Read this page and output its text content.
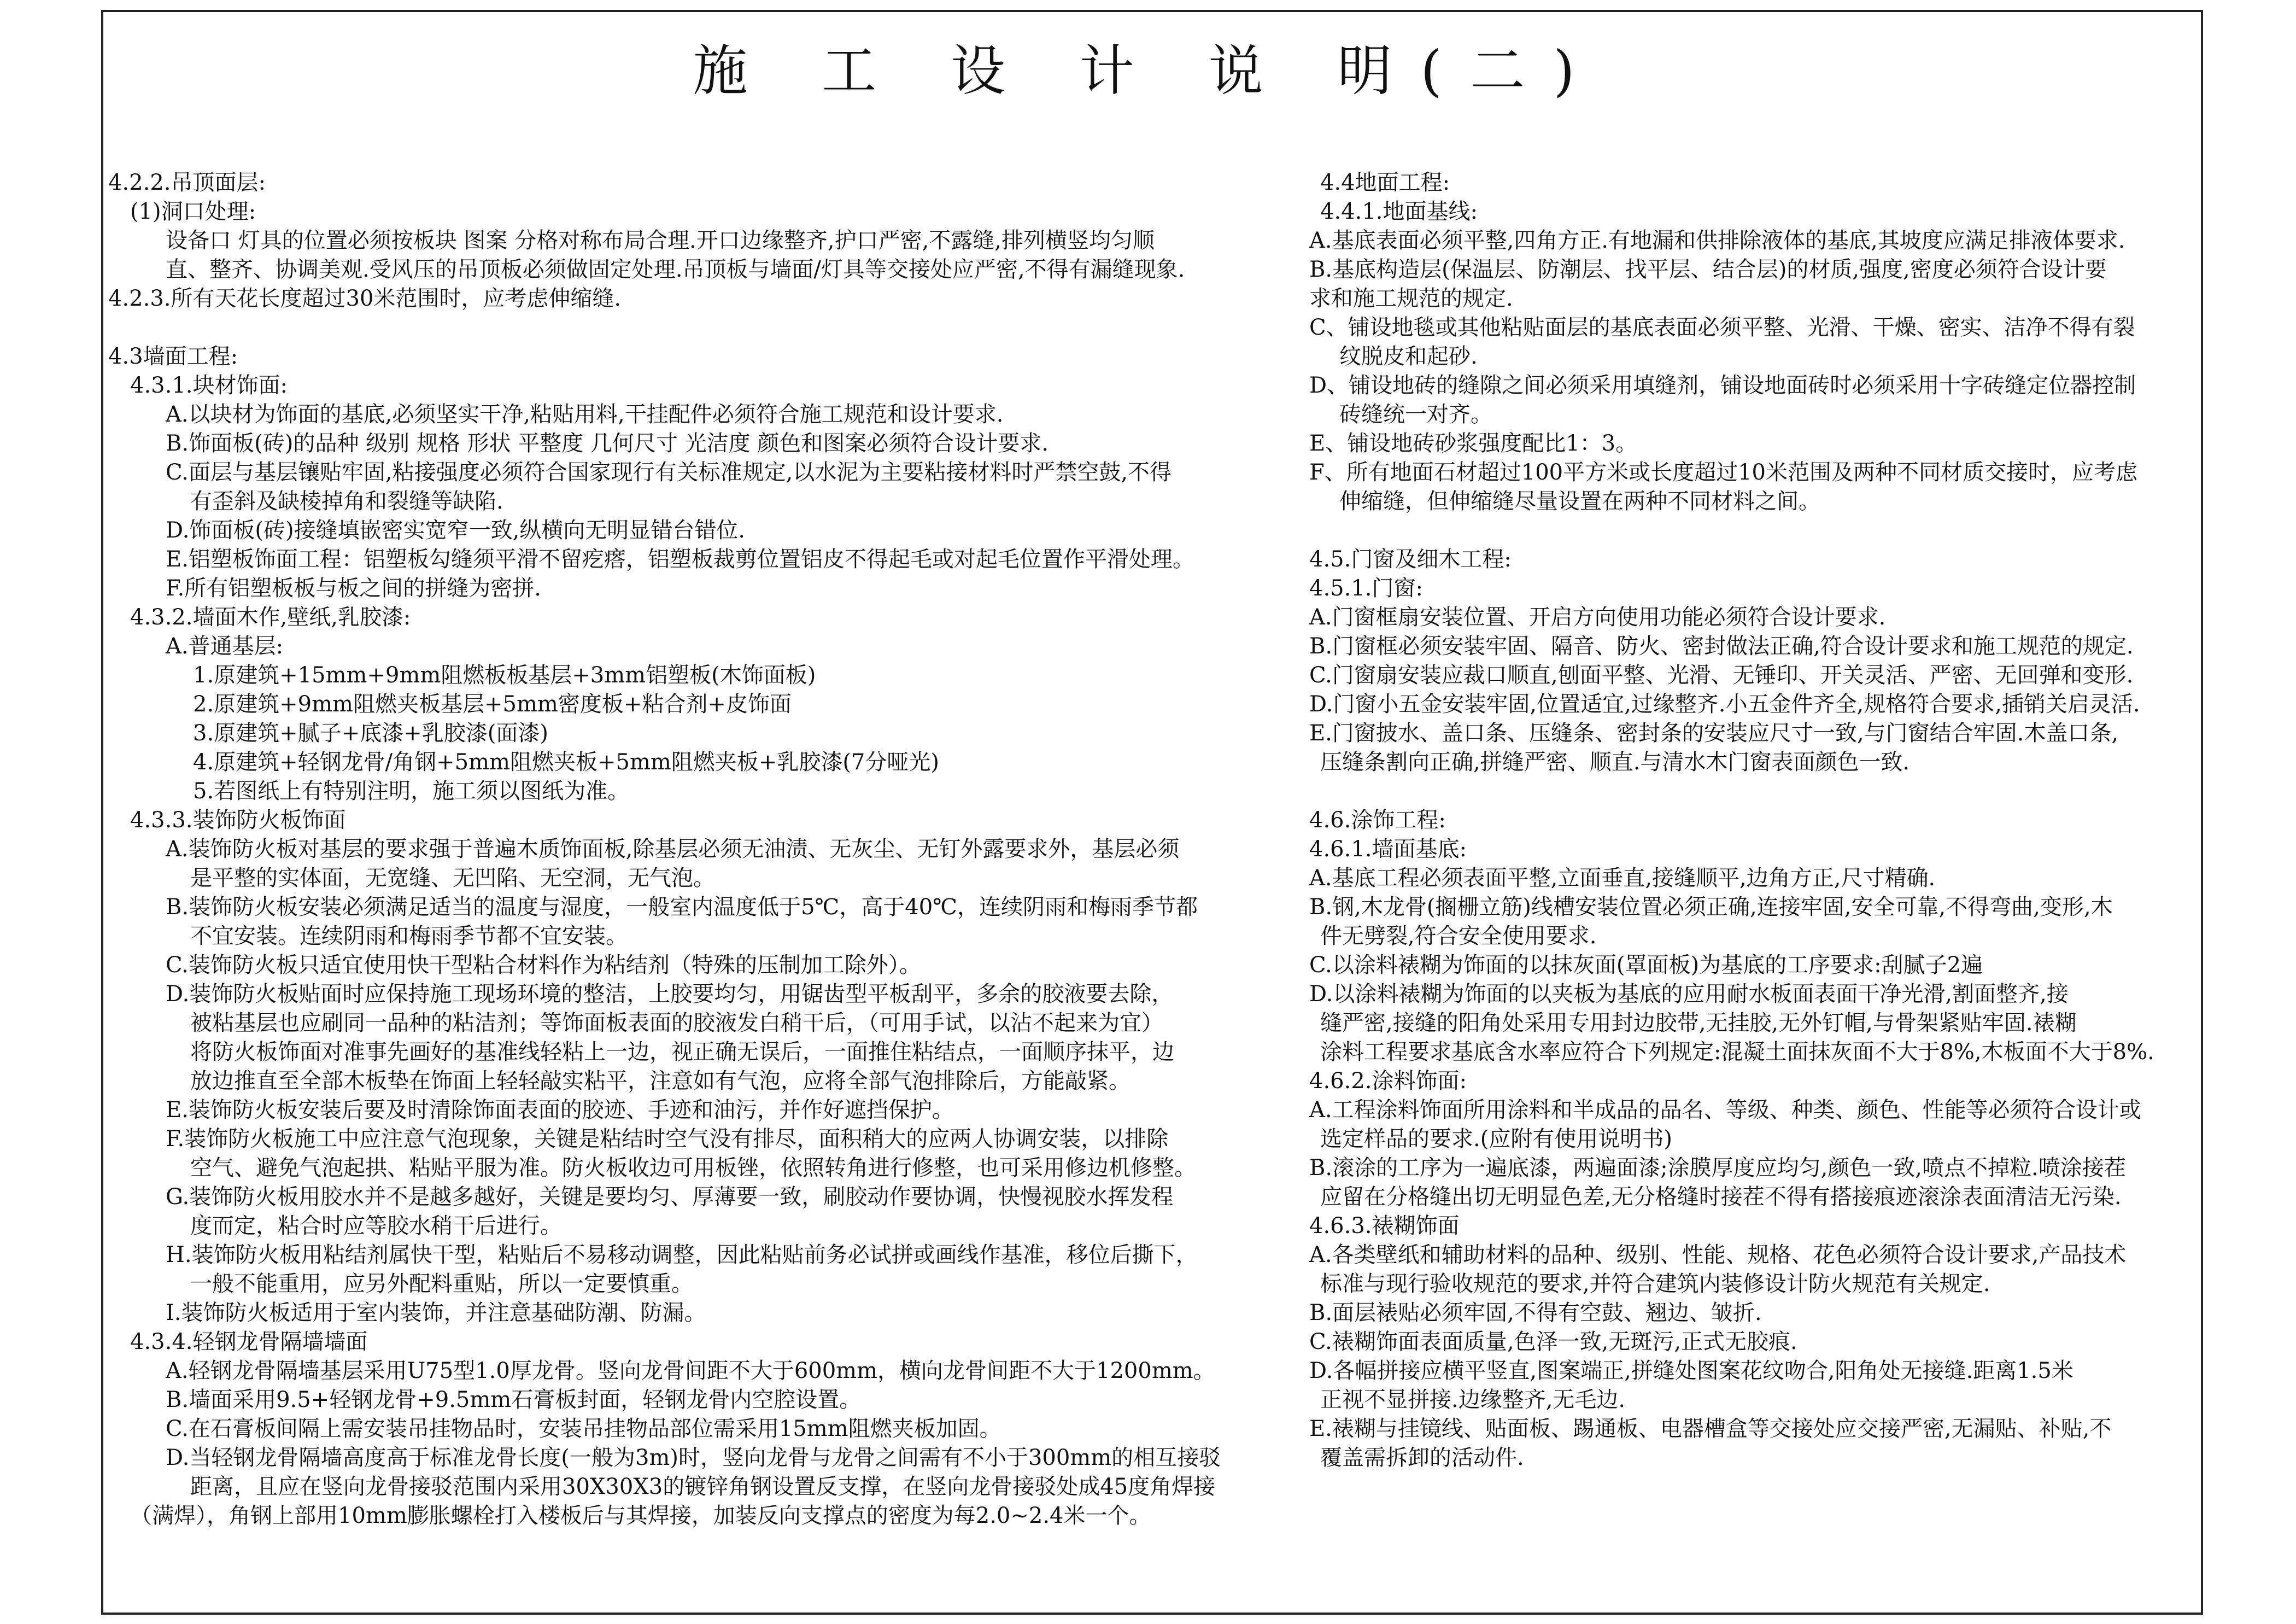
施 工 设 计 说 明(二)
4.2.2.吊顶面层:
(1)洞口处理:
设备口 灯具的位置必须按板块 图案 分格对称布局合理.开口边缘整齐,护口严密,不露缝,排列横竖均匀顺
直、整齐、协调美观.受风压的吊顶板必须做固定处理.吊顶板与墙面/灯具等交接处应严密,不得有漏缝现象.
4.2.3.所有天花长度超过30米范围时，应考虑伸缩缝.
4.3墙面工程:
4.3.1.块材饰面:
A.以块材为饰面的基底,必须坚实干净,粘贴用料,干挂配件必须符合施工规范和设计要求.
B.饰面板(砖)的品种 级别 规格 形状 平整度 几何尺寸 光洁度 颜色和图案必须符合设计要求.
C.面层与基层镶贴牢固,粘接强度必须符合国家现行有关标准规定,以水泥为主要粘接材料时严禁空鼓,不得
有歪斜及缺棱掉角和裂缝等缺陷.
D.饰面板(砖)接缝填嵌密实宽窄一致,纵横向无明显错台错位.
E.铝塑板饰面工程：铝塑板勾缝须平滑不留疙瘩，铝塑板裁剪位置铝皮不得起毛或对起毛位置作平滑处理。
F.所有铝塑板板与板之间的拼缝为密拼.
4.3.2.墙面木作,壁纸,乳胶漆:
A.普通基层:
1.原建筑+15mm+9mm阻燃板板基层+3mm铝塑板(木饰面板)
2.原建筑+9mm阻燃夹板基层+5mm密度板+粘合剂+皮饰面
3.原建筑+腻子+底漆+乳胶漆(面漆)
4.原建筑+轻钢龙骨/角钢+5mm阻燃夹板+5mm阻燃夹板+乳胶漆(7分哑光)
5.若图纸上有特别注明，施工须以图纸为准。
4.3.3.装饰防火板饰面
A.装饰防火板对基层的要求强于普遍木质饰面板,除基层必须无油渍、无灰尘、无钉外露要求外，基层必须
是平整的实体面，无宽缝、无凹陷、无空洞，无气泡。
B.装饰防火板安装必须满足适当的温度与湿度，一般室内温度低于5℃，高于40℃，连续阴雨和梅雨季节都
不宜安装。连续阴雨和梅雨季节都不宜安装。
C.装饰防火板只适宜使用快干型粘合材料作为粘结剂（特殊的压制加工除外）。
D.装饰防火板贴面时应保持施工现场环境的整洁，上胶要均匀，用锯齿型平板刮平，多余的胶液要去除，
被粘基层也应刷同一品种的粘洁剂；等饰面板表面的胶液发白稍干后，（可用手试，以沾不起来为宜）
将防火板饰面对准事先画好的基准线轻粘上一边，视正确无误后，一面推住粘结点，一面顺序抹平，边
放边推直至全部木板垫在饰面上轻轻敲实粘平，注意如有气泡，应将全部气泡排除后，方能敲紧。
E.装饰防火板安装后要及时清除饰面表面的胶迹、手迹和油污，并作好遮挡保护。
F.装饰防火板施工中应注意气泡现象，关键是粘结时空气没有排尽，面积稍大的应两人协调安装，以排除
空气、避免气泡起拱、粘贴平服为准。防火板收边可用板锉，依照转角进行修整，也可采用修边机修整。
G.装饰防火板用胶水并不是越多越好，关键是要均匀、厚薄要一致，刷胶动作要协调，快慢视胶水挥发程
度而定，粘合时应等胶水稍干后进行。
H.装饰防火板用粘结剂属快干型，粘贴后不易移动调整，因此粘贴前务必试拼或画线作基准，移位后撕下，
一般不能重用，应另外配料重贴，所以一定要慎重。
I.装饰防火板适用于室内装饰，并注意基础防潮、防漏。
4.3.4.轻钢龙骨隔墙墙面
A.轻钢龙骨隔墙基层采用U75型1.0厚龙骨。竖向龙骨间距不大于600mm，横向龙骨间距不大于1200mm。
B.墙面采用9.5+轻钢龙骨+9.5mm石膏板封面，轻钢龙骨内空腔设置。
C.在石膏板间隔上需安装吊挂物品时，安装吊挂物品部位需采用15mm阻燃夹板加固。
D.当轻钢龙骨隔墙高度高于标准龙骨长度(一般为3m)时，竖向龙骨与龙骨之间需有不小于300mm的相互接驳
距离，且应在竖向龙骨接驳范围内采用30X30X3的镀锌角钢设置反支撑，在竖向龙骨接驳处成45度角焊接
（满焊），角钢上部用10mm膨胀螺栓打入楼板后与其焊接，加装反向支撑点的密度为每2.0~2.4米一个。
4.4地面工程:
4.4.1.地面基线:
A.基底表面必须平整,四角方正.有地漏和供排除液体的基底,其坡度应满足排液体要求.
B.基底构造层(保温层、防潮层、找平层、结合层)的材质,强度,密度必须符合设计要
求和施工规范的规定.
C、铺设地毯或其他粘贴面层的基底表面必须平整、光滑、干燥、密实、洁净不得有裂
纹脱皮和起砂.
D、铺设地砖的缝隙之间必须采用填缝剂，铺设地面砖时必须采用十字砖缝定位器控制
砖缝统一对齐。
E、铺设地砖砂浆强度配比1：3。
F、所有地面石材超过100平方米或长度超过10米范围及两种不同材质交接时，应考虑
伸缩缝，但伸缩缝尽量设置在两种不同材料之间。
4.5.门窗及细木工程:
4.5.1.门窗:
A.门窗框扇安装位置、开启方向使用功能必须符合设计要求.
B.门窗框必须安装牢固、隔音、防火、密封做法正确,符合设计要求和施工规范的规定.
C.门窗扇安装应裁口顺直,刨面平整、光滑、无锤印、开关灵活、严密、无回弹和变形.
D.门窗小五金安装牢固,位置适宜,过缘整齐.小五金件齐全,规格符合要求,插销关启灵活.
E.门窗披水、盖口条、压缝条、密封条的安装应尺寸一致,与门窗结合牢固.木盖口条,
压缝条割向正确,拼缝严密、顺直.与清水木门窗表面颜色一致.
4.6.涂饰工程:
4.6.1.墙面基底:
A.基底工程必须表面平整,立面垂直,接缝顺平,边角方正,尺寸精确.
B.钢,木龙骨(搁栅立筋)线槽安装位置必须正确,连接牢固,安全可靠,不得弯曲,变形,木
件无劈裂,符合安全使用要求.
C.以涂料裱糊为饰面的以抹灰面(罩面板)为基底的工序要求:刮腻子2遍
D.以涂料裱糊为饰面的以夹板为基底的应用耐水板面表面干净光滑,割面整齐,接
缝严密,接缝的阳角处采用专用封边胶带,无挂胶,无外钉帽,与骨架紧贴牢固.裱糊
涂料工程要求基底含水率应符合下列规定:混凝土面抹灰面不大于8%,木板面不大于8%.
4.6.2.涂料饰面:
A.工程涂料饰面所用涂料和半成品的品名、等级、种类、颜色、性能等必须符合设计或
选定样品的要求.(应附有使用说明书)
B.滚涂的工序为一遍底漆，两遍面漆;涂膜厚度应均匀,颜色一致,喷点不掉粒.喷涂接茬
应留在分格缝出切无明显色差,无分格缝时接茬不得有搭接痕迹滚涂表面清洁无污染.
4.6.3.裱糊饰面
A.各类壁纸和辅助材料的品种、级别、性能、规格、花色必须符合设计要求,产品技术
标准与现行验收规范的要求,并符合建筑内装修设计防火规范有关规定.
B.面层裱贴必须牢固,不得有空鼓、翘边、皱折.
C.裱糊饰面表面质量,色泽一致,无斑污,正式无胶痕.
D.各幅拼接应横平竖直,图案端正,拼缝处图案花纹吻合,阳角处无接缝.距离1.5米
正视不显拼接.边缘整齐,无毛边.
E.裱糊与挂镜线、贴面板、踢通板、电器槽盒等交接处应交接严密,无漏贴、补贴,不
覆盖需拆卸的活动件.
